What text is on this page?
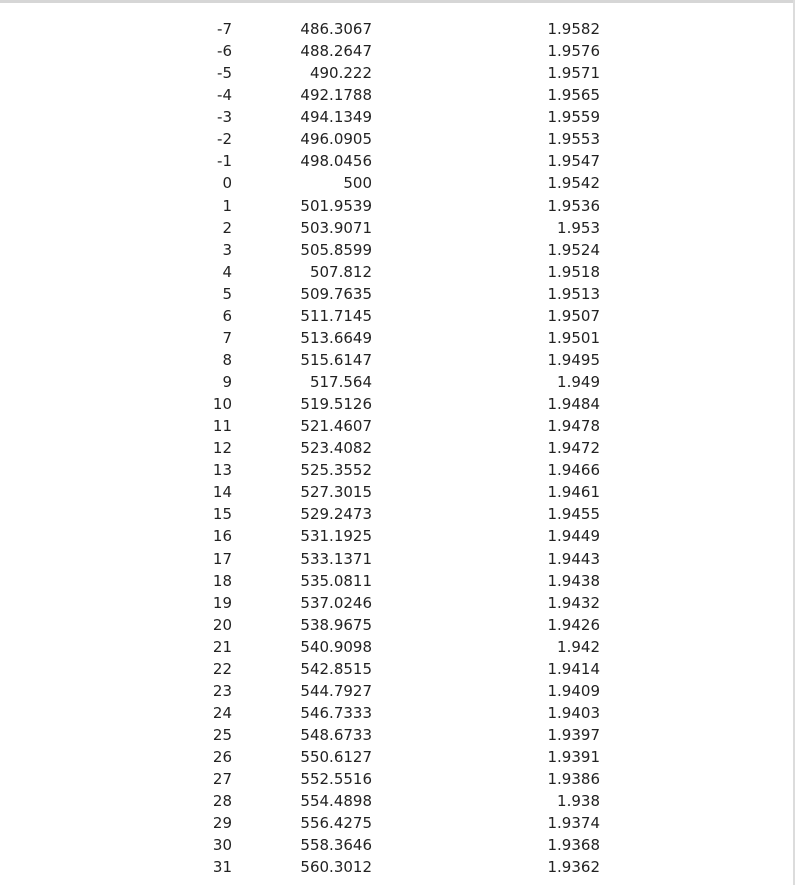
-7	486.3067	1.9582
-6	488.2647	1.9576
-5	490.222	1.9571
-4	492.1788	1.9565
-3	494.1349	1.9559
-2	496.0905	1.9553
-1	498.0456	1.9547
0	500	1.9542
1	501.9539	1.9536
2	503.9071	1.953
3	505.8599	1.9524
4	507.812	1.9518
5	509.7635	1.9513
6	511.7145	1.9507
7	513.6649	1.9501
8	515.6147	1.9495
9	517.564	1.949
10	519.5126	1.9484
11	521.4607	1.9478
12	523.4082	1.9472
13	525.3552	1.9466
14	527.3015	1.9461
15	529.2473	1.9455
16	531.1925	1.9449
17	533.1371	1.9443
18	535.0811	1.9438
19	537.0246	1.9432
20	538.9675	1.9426
21	540.9098	1.942
22	542.8515	1.9414
23	544.7927	1.9409
24	546.7333	1.9403
25	548.6733	1.9397
26	550.6127	1.9391
27	552.5516	1.9386
28	554.4898	1.938
29	556.4275	1.9374
30	558.3646	1.9368
31	560.3012	1.9362
